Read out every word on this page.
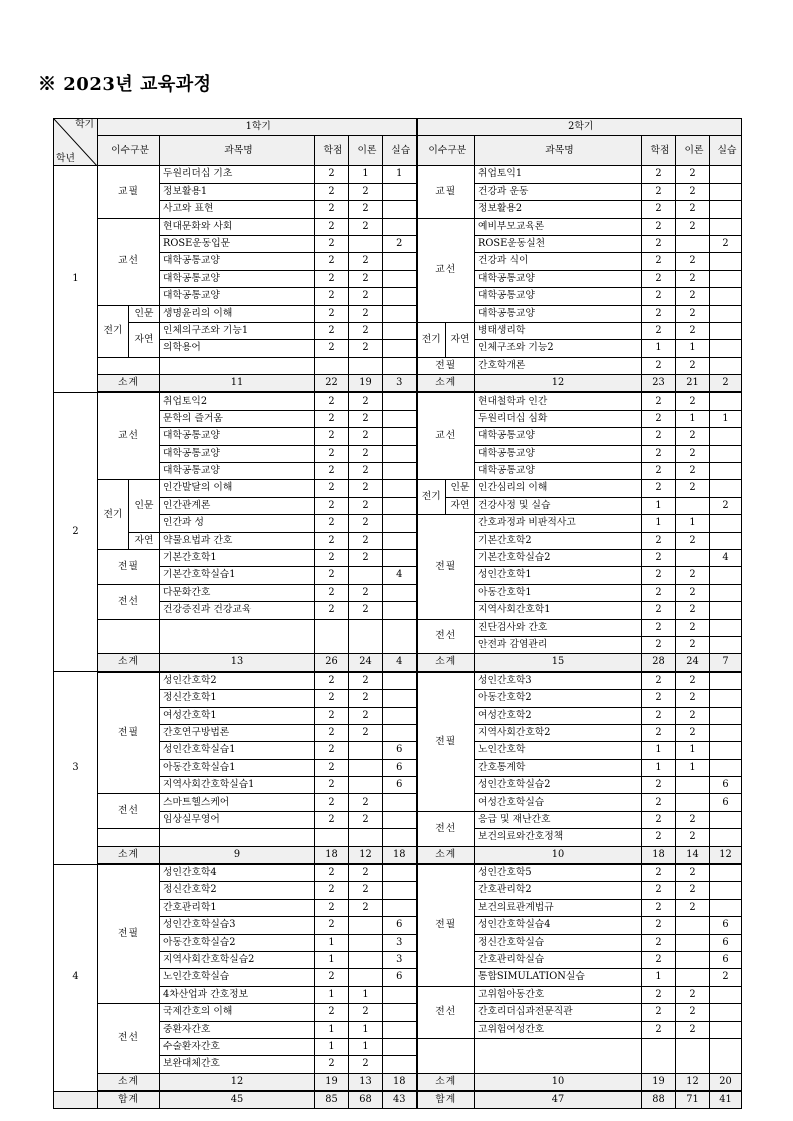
※ 2023년 교육과정
학기
학년	1학기						2학기					
	이수구분		과목명	학점	이론	실습	이수구분		과목명	학점	이론	실습
1	교필		두원리더십 기초	2	1	1	교필		취업토익1	2	2	
			정보활용1	2	2				건강과 운동	2	2	
			사고와 표현	2	2				정보활용2	2	2	
	교선		현대문화와 사회	2	2		교선		예비부모교육론	2	2	
			ROSE운동입문	2		2			ROSE운동실천	2		2
			대학공통교양	2	2				건강과 식이	2	2	
			대학공통교양	2	2				대학공통교양	2	2	
			대학공통교양	2	2				대학공통교양	2	2	
	전기	인문	생명윤리의 이해	2	2				대학공통교양	2	2	
		자연	인체의구조와 기능1	2	2		전기	자연	병태생리학	2	2	
			의학용어	2	2				인체구조와 기능2	1	1	
							전필		간호학개론	2	2	
	소계		11	22	19	3	소계		12	23	21	2
2	교선		취업토익2	2	2		교선		현대철학과 인간	2	2	
			문학의 즐거움	2	2				두원리더십 심화	2	1	1
			대학공통교양	2	2				대학공통교양	2	2	
			대학공통교양	2	2				대학공통교양	2	2	
			대학공통교양	2	2				대학공통교양	2	2	
	전기	인문	인간발달의 이해	2	2		전기	인문	인간심리의 이해	2	2	
			인간관계론	2	2			자연	건강사정 및 실습	1		2
			인간과 성	2	2		전필		간호과정과 비판적사고	1	1	
		자연	약물요법과 간호	2	2				기본간호학2	2	2	
	전필		기본간호학1	2	2				기본간호학실습2	2		4
			기본간호학실습1	2		4			성인간호학1	2	2	
	전선		다문화간호	2	2				아동간호학1	2	2	
			건강증진과 건강교육	2	2				지역사회간호학1	2	2	
							전선		진단검사와 간호	2	2	
									안전과 감염관리	2	2	
	소계		13	26	24	4	소계		15	28	24	7
3	전필		성인간호학2	2	2		전필		성인간호학3	2	2	
			정신간호학1	2	2				아동간호학2	2	2	
			여성간호학1	2	2				여성간호학2	2	2	
			간호연구방법론	2	2				지역사회간호학2	2	2	
			성인간호학실습1	2		6			노인간호학	1	1	
			아동간호학실습1	2		6			간호통계학	1	1	
			지역사회간호학실습1	2		6			성인간호학실습2	2		6
	전선		스마트헬스케어	2	2				여성간호학실습	2		6
			임상실무영어	2	2		전선		응급 및 재난간호	2	2	
									보건의료와간호정책	2	2	
	소계		9	18	12	18	소계		10	18	14	12
4	전필		성인간호학4	2	2		전필		성인간호학5	2	2	
			정신간호학2	2	2				간호관리학2	2	2	
			간호관리학1	2	2				보건의료관계법규	2	2	
			성인간호학실습3	2		6			성인간호학실습4	2		6
			아동간호학실습2	1		3			정신간호학실습	2		6
			지역사회간호학실습2	1		3			간호관리학실습	2		6
			노인간호학실습	2		6			통합SIMULATION실습	1		2
			4차산업과 간호정보	1	1		전선		고위험아동간호	2	2	
	전선		국제간호의 이해	2	2				간호리더십과전문직관	2	2	
			중환자간호	1	1				고위험여성간호	2	2	
			수술환자간호	1	1							
			보완대체간호	2	2							
	소계		12	19	13	18	소계		10	19	12	20
	합계		45	85	68	43	합계		47	88	71	41
